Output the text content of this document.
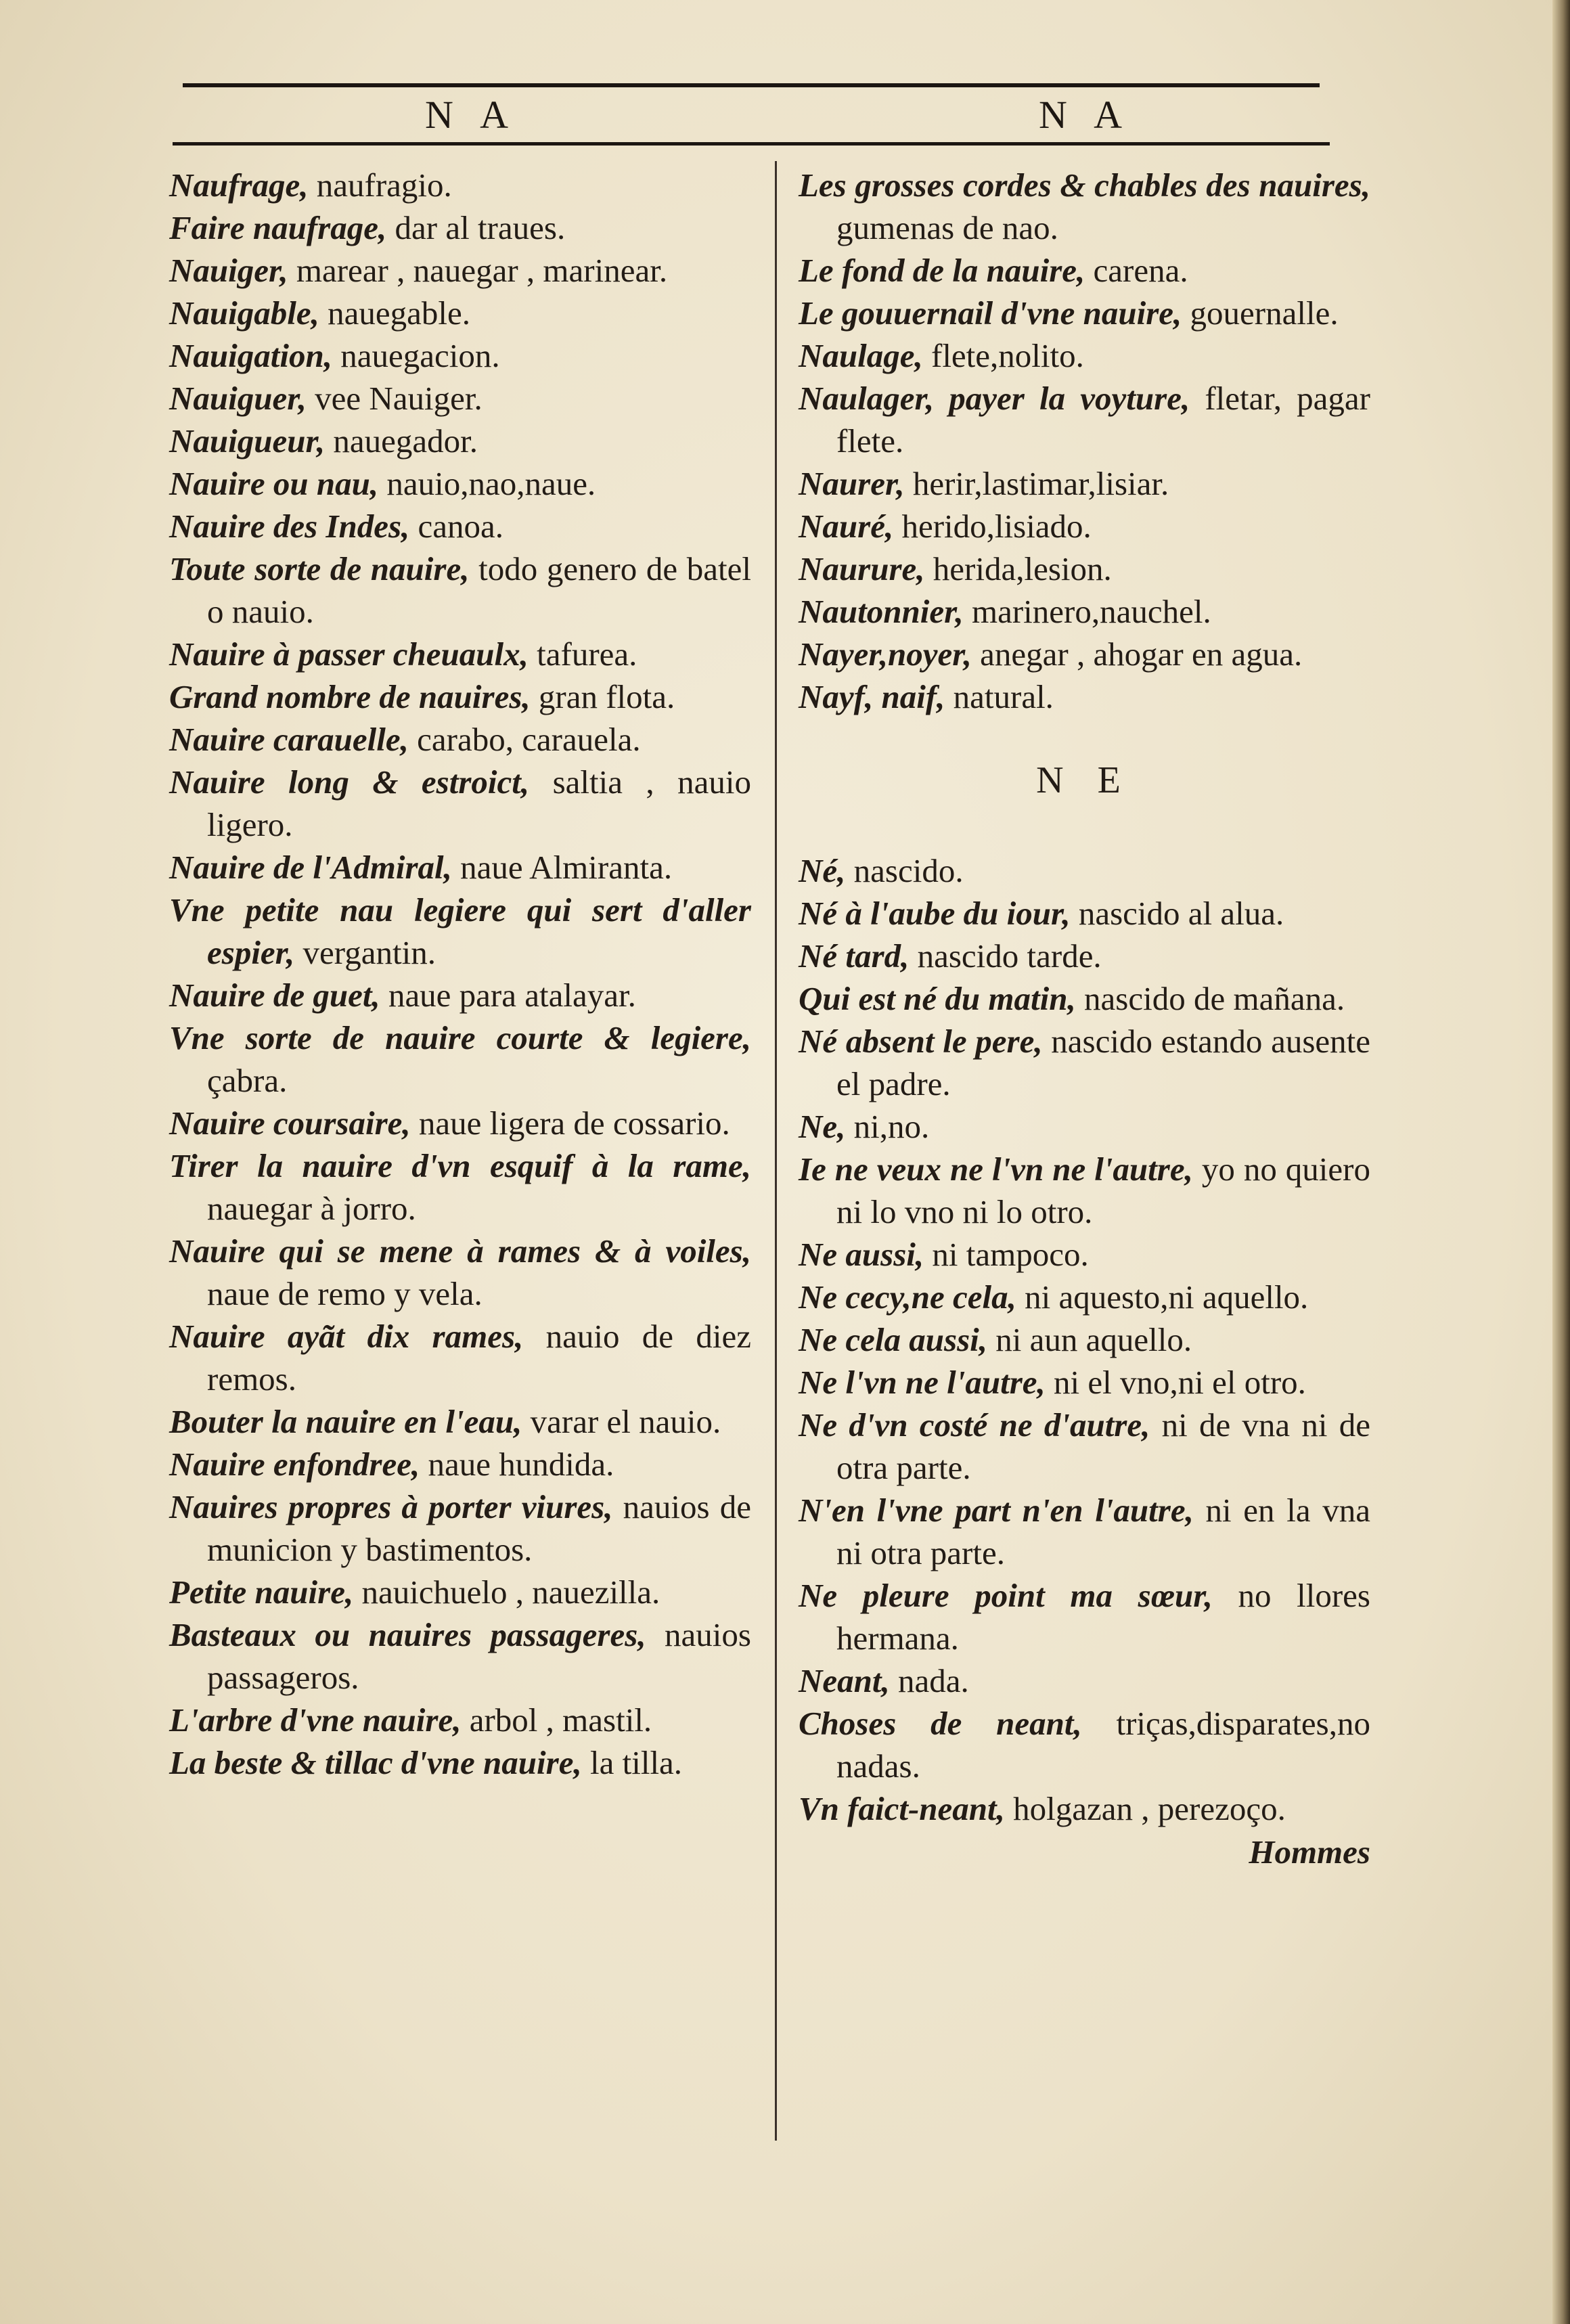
N A	N A

Naufrage, naufragio.

Faire naufrage, dar al traues.

Nauiger, marear , nauegar , marinear.

Nauigable, nauegable.

Nauigation, nauegacion.

Nauiguer, vee Nauiger.

Nauigueur, nauegador.

Nauire ou nau, nauio,nao,naue.

Nauire des Indes, canoa.

Toute sorte de nauire, todo genero de batel o nauio.

Nauire à passer cheuaulx, tafurea.

Grand nombre de nauires, gran flota.

Nauire carauelle, carabo, carauela.

Nauire long & estroict, saltia , nauio ligero.

Nauire de l'Admiral, naue Almiranta.

Vne petite nau legiere qui sert d'aller espier, vergantin.

Nauire de guet, naue para atalayar.

Vne sorte de nauire courte & legiere, çabra.

Nauire coursaire, naue ligera de cossario.

Tirer la nauire d'vn esquif à la rame, nauegar à jorro.

Nauire qui se mene à rames & à voiles, naue de remo y vela.

Nauire ayãt dix rames, nauio de diez remos.

Bouter la nauire en l'eau, varar el nauio.

Nauire enfondree, naue hundida.

Nauires propres à porter viures, nauios de municion y bastimentos.

Petite nauire, nauichuelo , nauezilla.

Basteaux ou nauires passageres, nauios passageros.

L'arbre d'vne nauire, arbol , mastil.

La beste & tillac d'vne nauire, la tilla.

Les grosses cordes & chables des nauires, gumenas de nao.

Le fond de la nauire, carena.

Le gouuernail d'vne nauire, gouernalle.

Naulage, flete,nolito.

Naulager, payer la voyture, fletar, pagar flete.

Naurer, herir,lastimar,lisiar.

Nauré, herido,lisiado.

Naurure, herida,lesion.

Nautonnier, marinero,nauchel.

Nayer,noyer, anegar , ahogar en agua.

Nayf, naif, natural.

N E

Né, nascido.

Né à l'aube du iour, nascido al alua.

Né tard, nascido tarde.

Qui est né du matin, nascido de mañana.

Né absent le pere, nascido estando ausente el padre.

Ne, ni,no.

Ie ne veux ne l'vn ne l'autre, yo no quiero ni lo vno ni lo otro.

Ne aussi, ni tampoco.

Ne cecy,ne cela, ni aquesto,ni aquello.

Ne cela aussi, ni aun aquello.

Ne l'vn ne l'autre, ni el vno,ni el otro.

Ne d'vn costé ne d'autre, ni de vna ni de otra parte.

N'en l'vne part n'en l'autre, ni en la vna ni otra parte.

Ne pleure point ma sœur, no llores hermana.

Neant, nada.

Choses de neant, triças,disparates,no nadas.

Vn faict-neant, holgazan , perezoço.

Hommes
